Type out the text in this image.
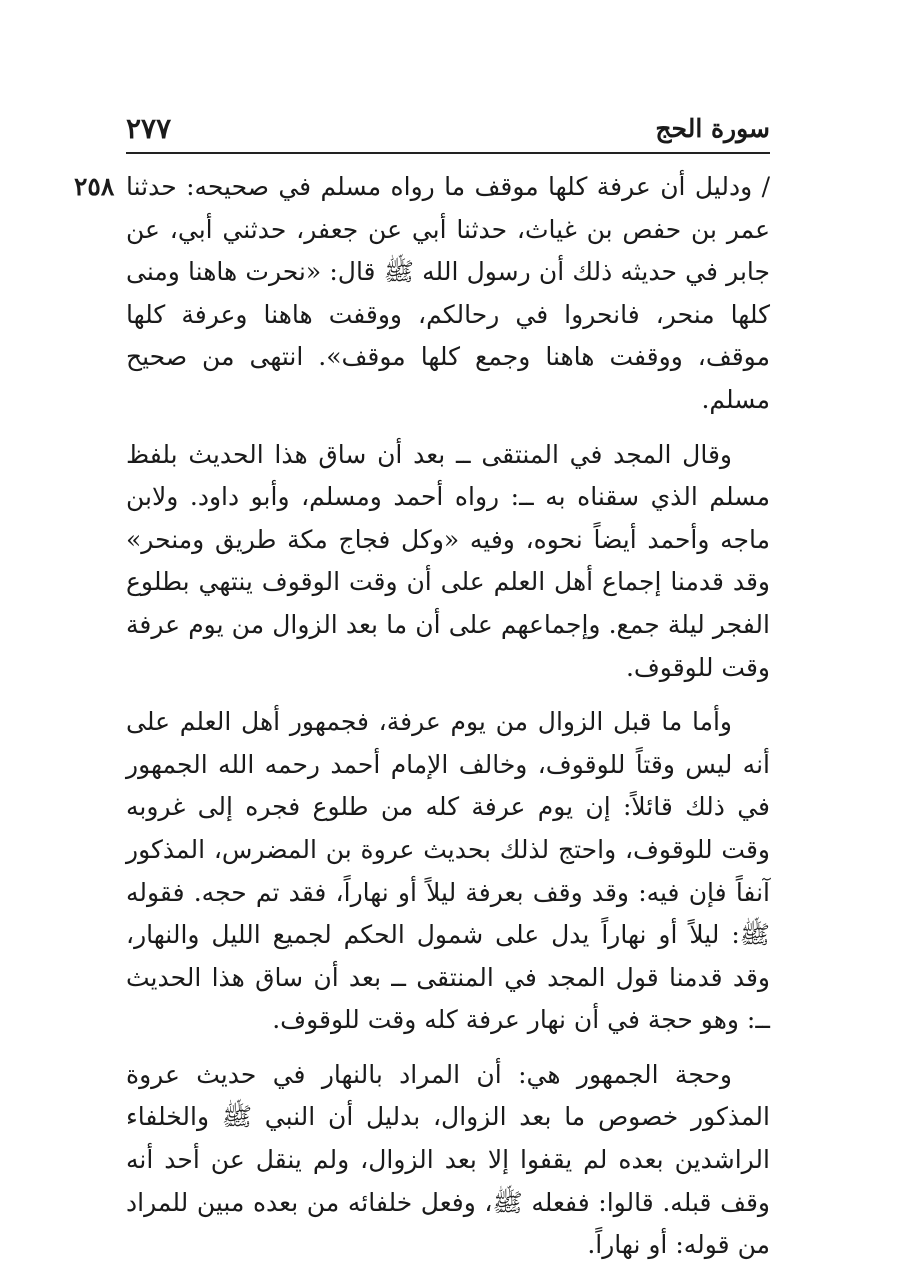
سورة الحج
٢٧٧
٢٥٨ / ودليل أن عرفة كلها موقف ما رواه مسلم في صحيحه: حدثنا عمر بن حفص بن غياث، حدثنا أبي عن جعفر، حدثني أبي، عن جابر في حديثه ذلك أن رسول الله ﷺ قال: «نحرت هاهنا ومنى كلها منحر، فانحروا في رحالكم، ووقفت هاهنا وعرفة كلها موقف، ووقفت هاهنا وجمع كلها موقف». انتهى من صحيح مسلم.

وقال المجد في المنتقى ــ بعد أن ساق هذا الحديث بلفظ مسلم الذي سقناه به ــ: رواه أحمد ومسلم، وأبو داود. ولابن ماجه وأحمد أيضاً نحوه، وفيه «وكل فجاج مكة طريق ومنحر» وقد قدمنا إجماع أهل العلم على أن وقت الوقوف ينتهي بطلوع الفجر ليلة جمع. وإجماعهم على أن ما بعد الزوال من يوم عرفة وقت للوقوف.

وأما ما قبل الزوال من يوم عرفة، فجمهور أهل العلم على أنه ليس وقتاً للوقوف، وخالف الإمام أحمد رحمه الله الجمهور في ذلك قائلاً: إن يوم عرفة كله من طلوع فجره إلى غروبه وقت للوقوف، واحتج لذلك بحديث عروة بن المضرس، المذكور آنفاً فإن فيه: وقد وقف بعرفة ليلاً أو نهاراً، فقد تم حجه. فقوله ﷺ: ليلاً أو نهاراً يدل على شمول الحكم لجميع الليل والنهار، وقد قدمنا قول المجد في المنتقى ــ بعد أن ساق هذا الحديث ــ: وهو حجة في أن نهار عرفة كله وقت للوقوف.

وحجة الجمهور هي: أن المراد بالنهار في حديث عروة المذكور خصوص ما بعد الزوال، بدليل أن النبي ﷺ والخلفاء الراشدين بعده لم يقفوا إلا بعد الزوال، ولم ينقل عن أحد أنه وقف قبله. قالوا: ففعله ﷺ، وفعل خلفائه من بعده مبين للمراد من قوله: أو نهاراً.
